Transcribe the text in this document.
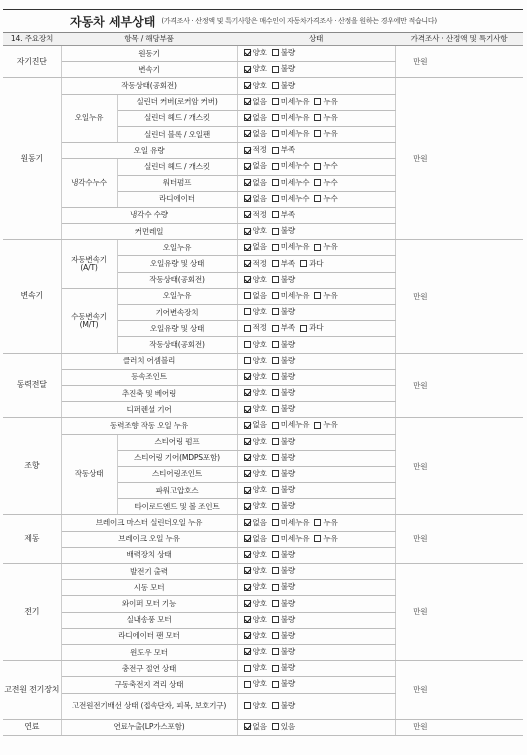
자동차 세부상태 (가격조사 · 산정액 및 특기사항은 매수인이 자동차가격조사 · 산정을 원하는 경우에만 적습니다)
14. 주요장치	항목 / 해당부품		상태	가격조사 · 산정액 및 특기사항	
자기진단	원동기		양호 불량	만원	
	변속기		양호 불량		

원동기	작동상태(공회전)		양호 불량	만원	
	오일누유	실린더 커버(로커암 커버)	없음 미세누유 누유		

		실린더 헤드 / 개스킷	없음 미세누유 누유		

		실린더 블록 / 오일팬	없음 미세누유 누유		

	오일 유량		적정 부족		

	냉각수누수	실린더 헤드 / 개스킷	없음 미세누수 누수		

		워터펌프	없음 미세누수 누수		

		라디에이터	없음 미세누수 누수		

	냉각수 수량		적정 부족		

	커먼레일		양호 불량		

변속기	자동변속기 (A/T)	오일누유	없음 미세누유 누유	만원	
		오일유량 및 상태	적정 부족 과다		

		작동상태(공회전)	양호 불량		

	수동변속기 (M/T)	오일누유	없음 미세누유 누유		

		기어변속장치	양호 불량		

		오일유량 및 상태	적정 부족 과다		

		작동상태(공회전)	양호 불량		

동력전달	클러치 어셈블리		양호 불량	만원	
	등속조인트		양호 불량		

	추진축 및 베어링		양호 불량		

	디퍼렌셜 기어		양호 불량		

조향	동력조향 작동 오일 누유		없음 미세누유 누유	만원	
	작동상태	스티어링 펌프	양호 불량		

		스티어링 기어(MDPS포함)	양호 불량		

		스티어링조인트	양호 불량		

		파워고압호스	양호 불량		

		타이로드엔드 및 볼 조인트	양호 불량		

제동	브레이크 마스터 실린더오일 누유		없음 미세누유 누유	만원	
	브레이크 오일 누유		없음 미세누유 누유		

	배력장치 상태		양호 불량		

전기	발전기 출력		양호 불량	만원	
	시동 모터		양호 불량		

	와이퍼 모터 기능		양호 불량		

	실내송풍 모터		양호 불량		

	라디에이터 팬 모터		양호 불량		

	윈도우 모터		양호 불량		

고전원 전기장치	충전구 절연 상태		양호 불량	만원	
	구동축전지 격리 상태		양호 불량		

	고전원전기배선 상태 (접속단자, 피복, 보호기구)		양호 불량		

연료	연료누출(LP가스포함)		없음 있음	만원	
